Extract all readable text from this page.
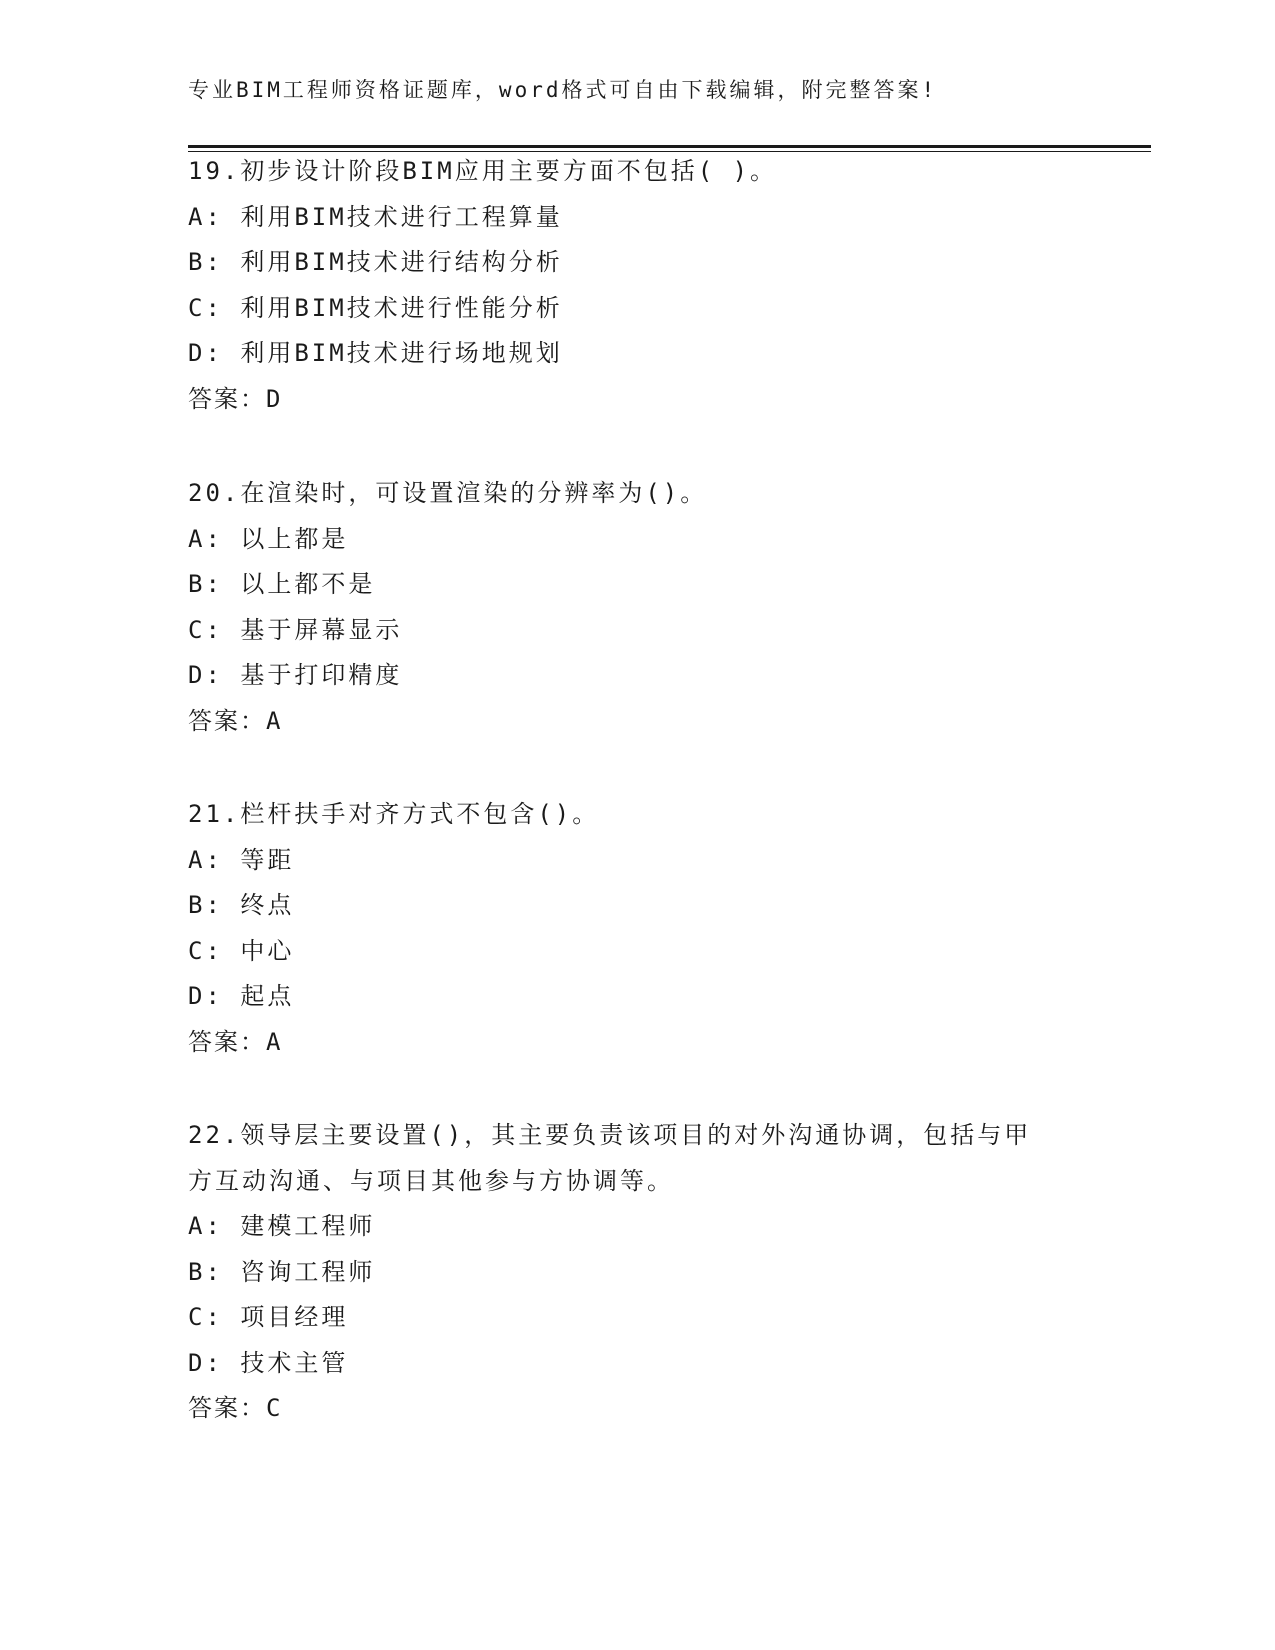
专业BIM工程师资格证题库，word格式可自由下载编辑，附完整答案!
19.初步设计阶段BIM应用主要方面不包括( )。
A: 利用BIM技术进行工程算量
B: 利用BIM技术进行结构分析
C: 利用BIM技术进行性能分析
D: 利用BIM技术进行场地规划
答案：D
20.在渲染时，可设置渲染的分辨率为()。
A: 以上都是
B: 以上都不是
C: 基于屏幕显示
D: 基于打印精度
答案：A
21.栏杆扶手对齐方式不包含()。
A: 等距
B: 终点
C: 中心
D: 起点
答案：A
22.领导层主要设置()，其主要负责该项目的对外沟通协调，包括与甲
方互动沟通、与项目其他参与方协调等。
A: 建模工程师
B: 咨询工程师
C: 项目经理
D: 技术主管
答案：C
